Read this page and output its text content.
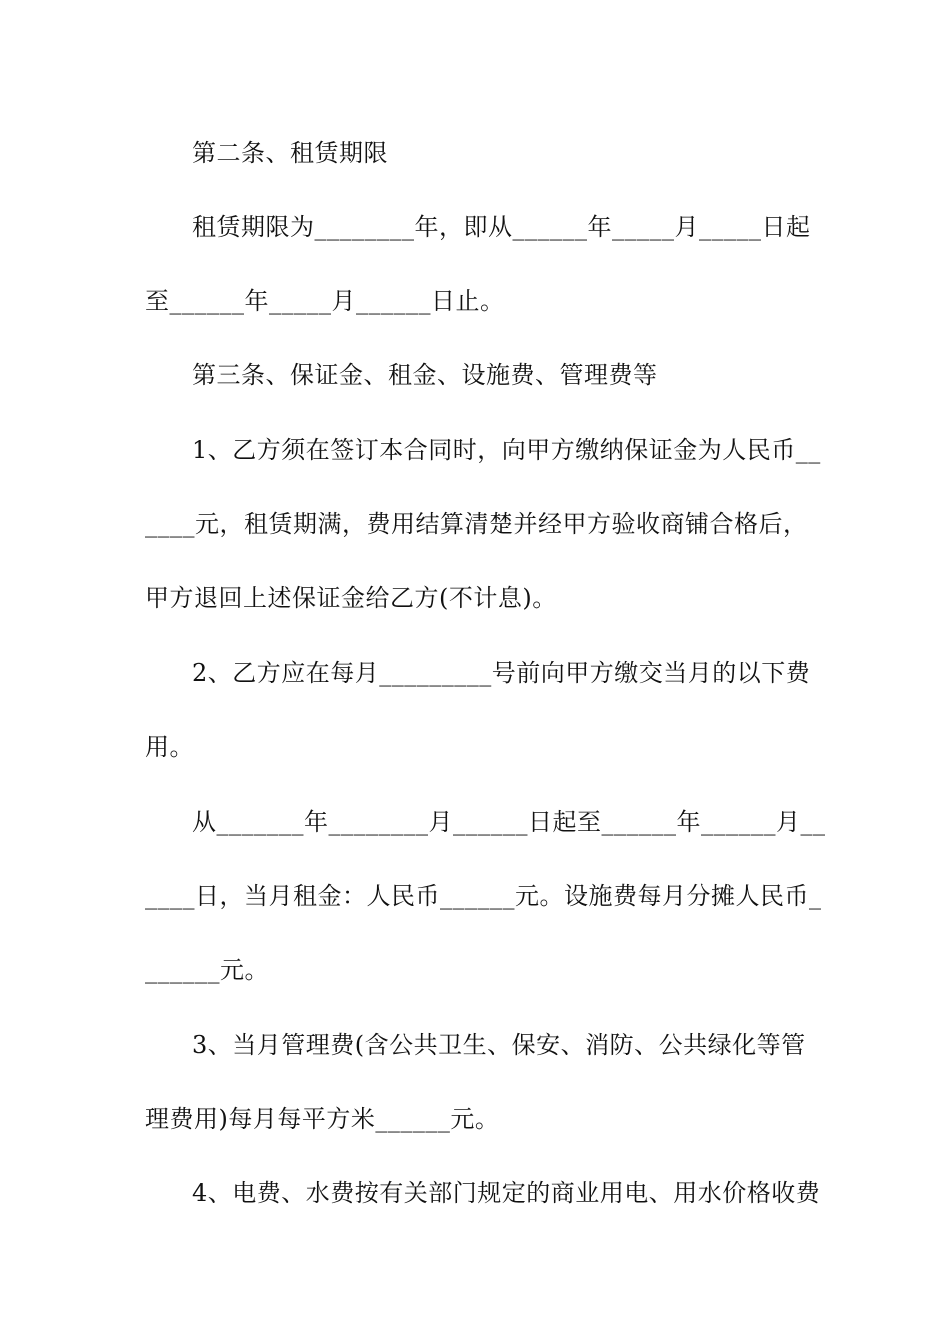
第二条、租赁期限
租赁期限为________年，即从______年_____月_____日起
至______年_____月______日止。
第三条、保证金、租金、设施费、管理费等
1、乙方须在签订本合同时，向甲方缴纳保证金为人民币__
____元，租赁期满，费用结算清楚并经甲方验收商铺合格后，
甲方退回上述保证金给乙方(不计息)。
2、乙方应在每月_________号前向甲方缴交当月的以下费
用。
从_______年________月______日起至______年______月__
____日，当月租金：人民币______元。设施费每月分摊人民币_
______元。
3、当月管理费(含公共卫生、保安、消防、公共绿化等管
理费用)每月每平方米______元。
4、电费、水费按有关部门规定的商业用电、用水价格收费
